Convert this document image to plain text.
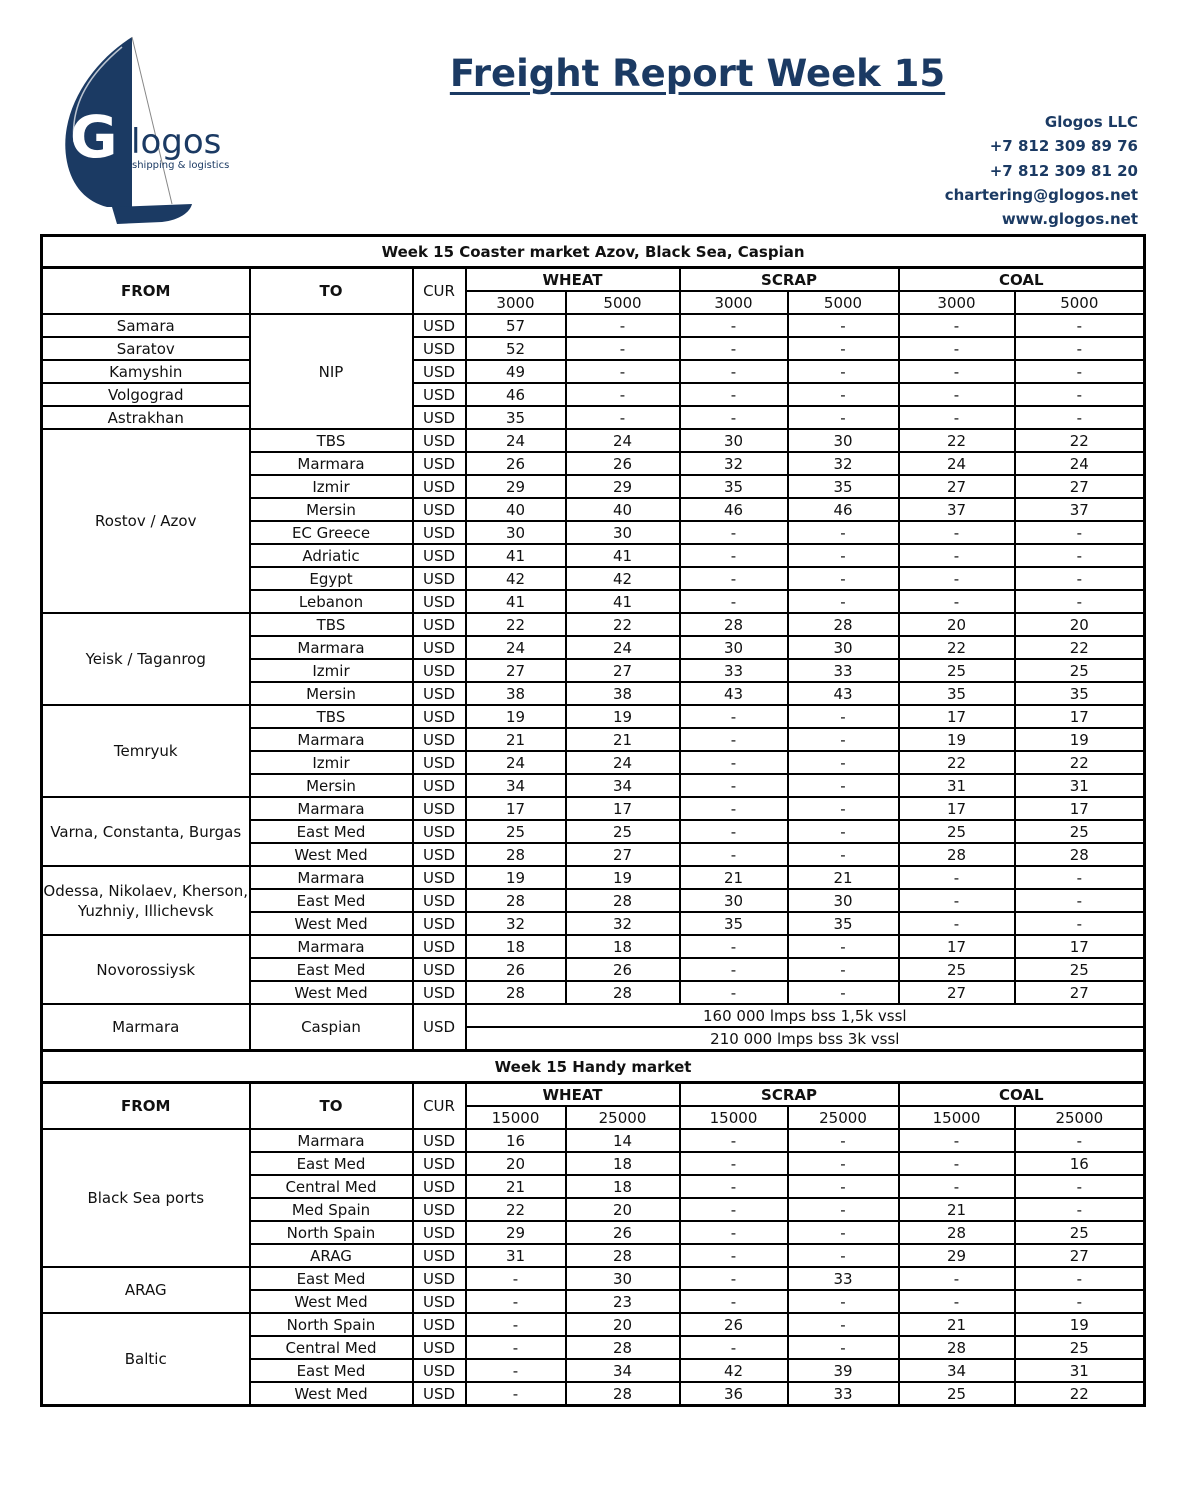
G logos
shipping & logistics
Freight Report Week 15
Glogos LLC
+7 812 309 89 76
+7 812 309 81 20
chartering@glogos.net
www.glogos.net
Week 15 Coaster market Azov, Black Sea, Caspian								
FROM	TO	CUR	WHEAT		SCRAP		COAL	
			3000	5000	3000	5000	3000	5000
Samara	NIP	USD	57	-	-	-	-	-
Saratov		USD	52	-	-	-	-	-
Kamyshin		USD	49	-	-	-	-	-
Volgograd		USD	46	-	-	-	-	-
Astrakhan		USD	35	-	-	-	-	-
Rostov / Azov	TBS	USD	24	24	30	30	22	22
	Marmara	USD	26	26	32	32	24	24
	Izmir	USD	29	29	35	35	27	27
	Mersin	USD	40	40	46	46	37	37
	EC Greece	USD	30	30	-	-	-	-
	Adriatic	USD	41	41	-	-	-	-
	Egypt	USD	42	42	-	-	-	-
	Lebanon	USD	41	41	-	-	-	-
Yeisk / Taganrog	TBS	USD	22	22	28	28	20	20
	Marmara	USD	24	24	30	30	22	22
	Izmir	USD	27	27	33	33	25	25
	Mersin	USD	38	38	43	43	35	35
Temryuk	TBS	USD	19	19	-	-	17	17
	Marmara	USD	21	21	-	-	19	19
	Izmir	USD	24	24	-	-	22	22
	Mersin	USD	34	34	-	-	31	31
Varna, Constanta, Burgas	Marmara	USD	17	17	-	-	17	17
	East Med	USD	25	25	-	-	25	25
	West Med	USD	28	27	-	-	28	28
Odessa, Nikolaev, Kherson, Yuzhniy, Illichevsk	Marmara	USD	19	19	21	21	-	-
	East Med	USD	28	28	30	30	-	-
	West Med	USD	32	32	35	35	-	-
Novorossiysk	Marmara	USD	18	18	-	-	17	17
	East Med	USD	26	26	-	-	25	25
	West Med	USD	28	28	-	-	27	27
Marmara	Caspian	USD	160 000 lmps bss 1,5k vssl					
			210 000 lmps bss 3k vssl					
Week 15 Handy market								
FROM	TO	CUR	WHEAT		SCRAP		COAL	
			15000	25000	15000	25000	15000	25000
Black Sea ports	Marmara	USD	16	14	-	-	-	-
	East Med	USD	20	18	-	-	-	16
	Central Med	USD	21	18	-	-	-	-
	Med Spain	USD	22	20	-	-	21	-
	North Spain	USD	29	26	-	-	28	25
	ARAG	USD	31	28	-	-	29	27
ARAG	East Med	USD	-	30	-	33	-	-
	West Med	USD	-	23	-	-	-	-
Baltic	North Spain	USD	-	20	26	-	21	19
	Central Med	USD	-	28	-	-	28	25
	East Med	USD	-	34	42	39	34	31
	West Med	USD	-	28	36	33	25	22
